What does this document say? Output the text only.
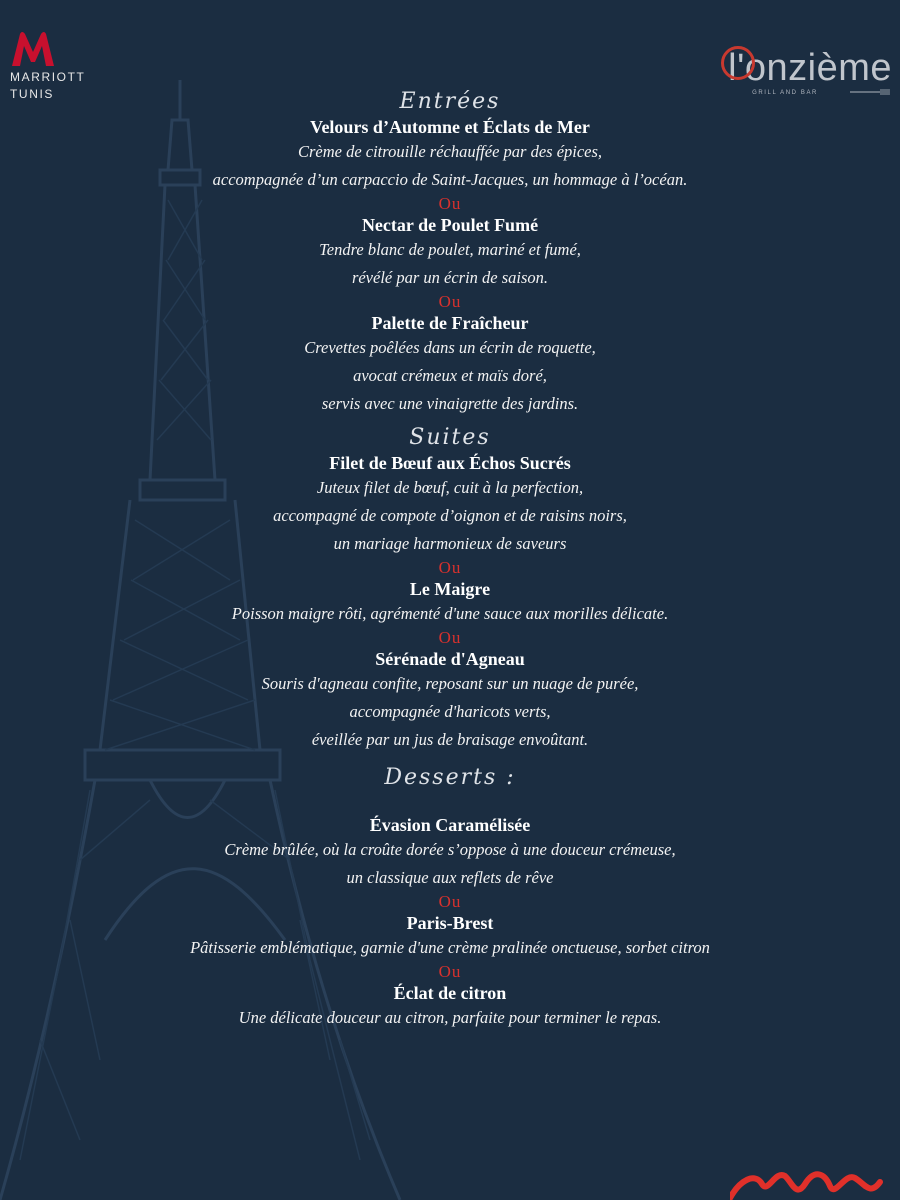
MARRIOTT
TUNIS
l'onzième
GRILL AND BAR
Entrées
Velours d’Automne et Éclats de Mer
Crème de citrouille réchauffée par des épices,
accompagnée d’un carpaccio de Saint-Jacques, un hommage à l’océan.
Ou
Nectar de Poulet Fumé
Tendre blanc de poulet, mariné et fumé,
révélé par un écrin de saison.
Ou
Palette de Fraîcheur
Crevettes poêlées dans un écrin de roquette,
avocat crémeux et maïs doré,
servis avec une vinaigrette des jardins.
Suites
Filet de Bœuf aux Échos Sucrés
Juteux filet de bœuf, cuit à la perfection,
accompagné de compote d’oignon et de raisins noirs,
un mariage harmonieux de saveurs
Ou
Le Maigre
Poisson maigre rôti, agrémenté d'une sauce aux morilles délicate.
Ou
Sérénade d'Agneau
Souris d'agneau confite, reposant sur un nuage de purée,
accompagnée d'haricots verts,
éveillée par un jus de braisage envoûtant.
Desserts :
Évasion Caramélisée
Crème brûlée, où la croûte dorée s’oppose à une douceur crémeuse,
un classique aux reflets de rêve
Ou
Paris-Brest
Pâtisserie emblématique, garnie d'une crème pralinée onctueuse, sorbet citron
Ou
Éclat de citron
Une délicate douceur au citron, parfaite pour terminer le repas.
